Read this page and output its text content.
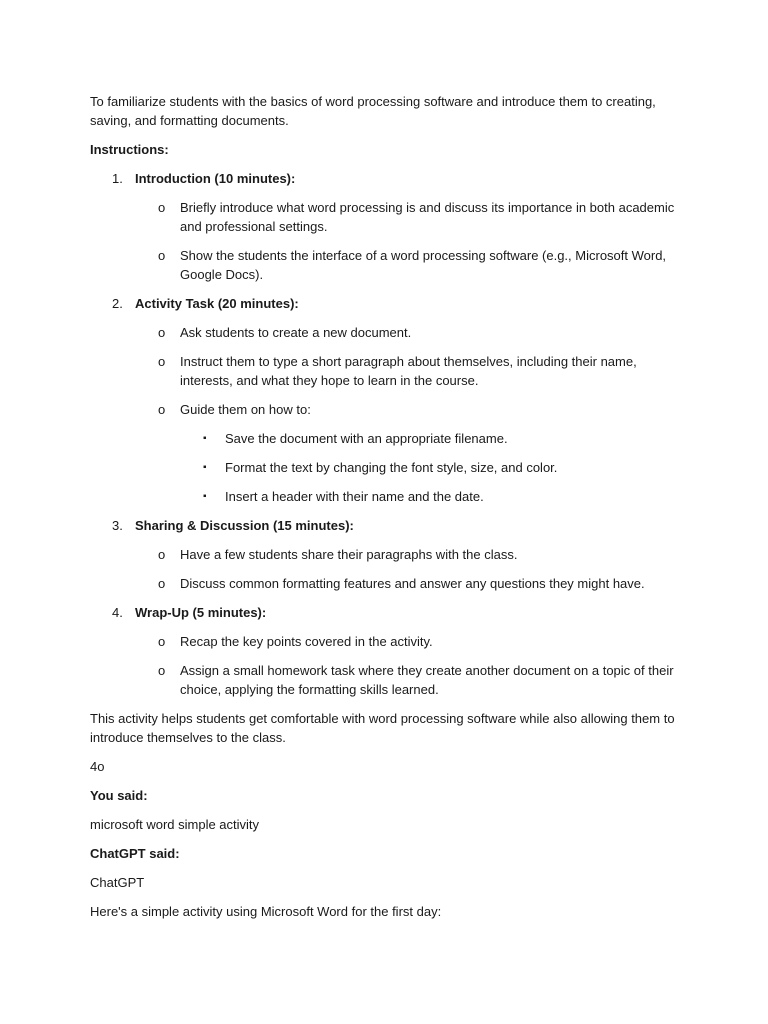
To familiarize students with the basics of word processing software and introduce them to creating, saving, and formatting documents.

Instructions:

1. Introduction (10 minutes):
o Briefly introduce what word processing is and discuss its importance in both academic and professional settings.
o Show the students the interface of a word processing software (e.g., Microsoft Word, Google Docs).
2. Activity Task (20 minutes):
o Ask students to create a new document.
o Instruct them to type a short paragraph about themselves, including their name, interests, and what they hope to learn in the course.
o Guide them on how to:
▪ Save the document with an appropriate filename.
▪ Format the text by changing the font style, size, and color.
▪ Insert a header with their name and the date.
3. Sharing & Discussion (15 minutes):
o Have a few students share their paragraphs with the class.
o Discuss common formatting features and answer any questions they might have.
4. Wrap-Up (5 minutes):
o Recap the key points covered in the activity.
o Assign a small homework task where they create another document on a topic of their choice, applying the formatting skills learned.

This activity helps students get comfortable with word processing software while also allowing them to introduce themselves to the class.

4o

You said:

microsoft word simple activity

ChatGPT said:

ChatGPT

Here's a simple activity using Microsoft Word for the first day:
